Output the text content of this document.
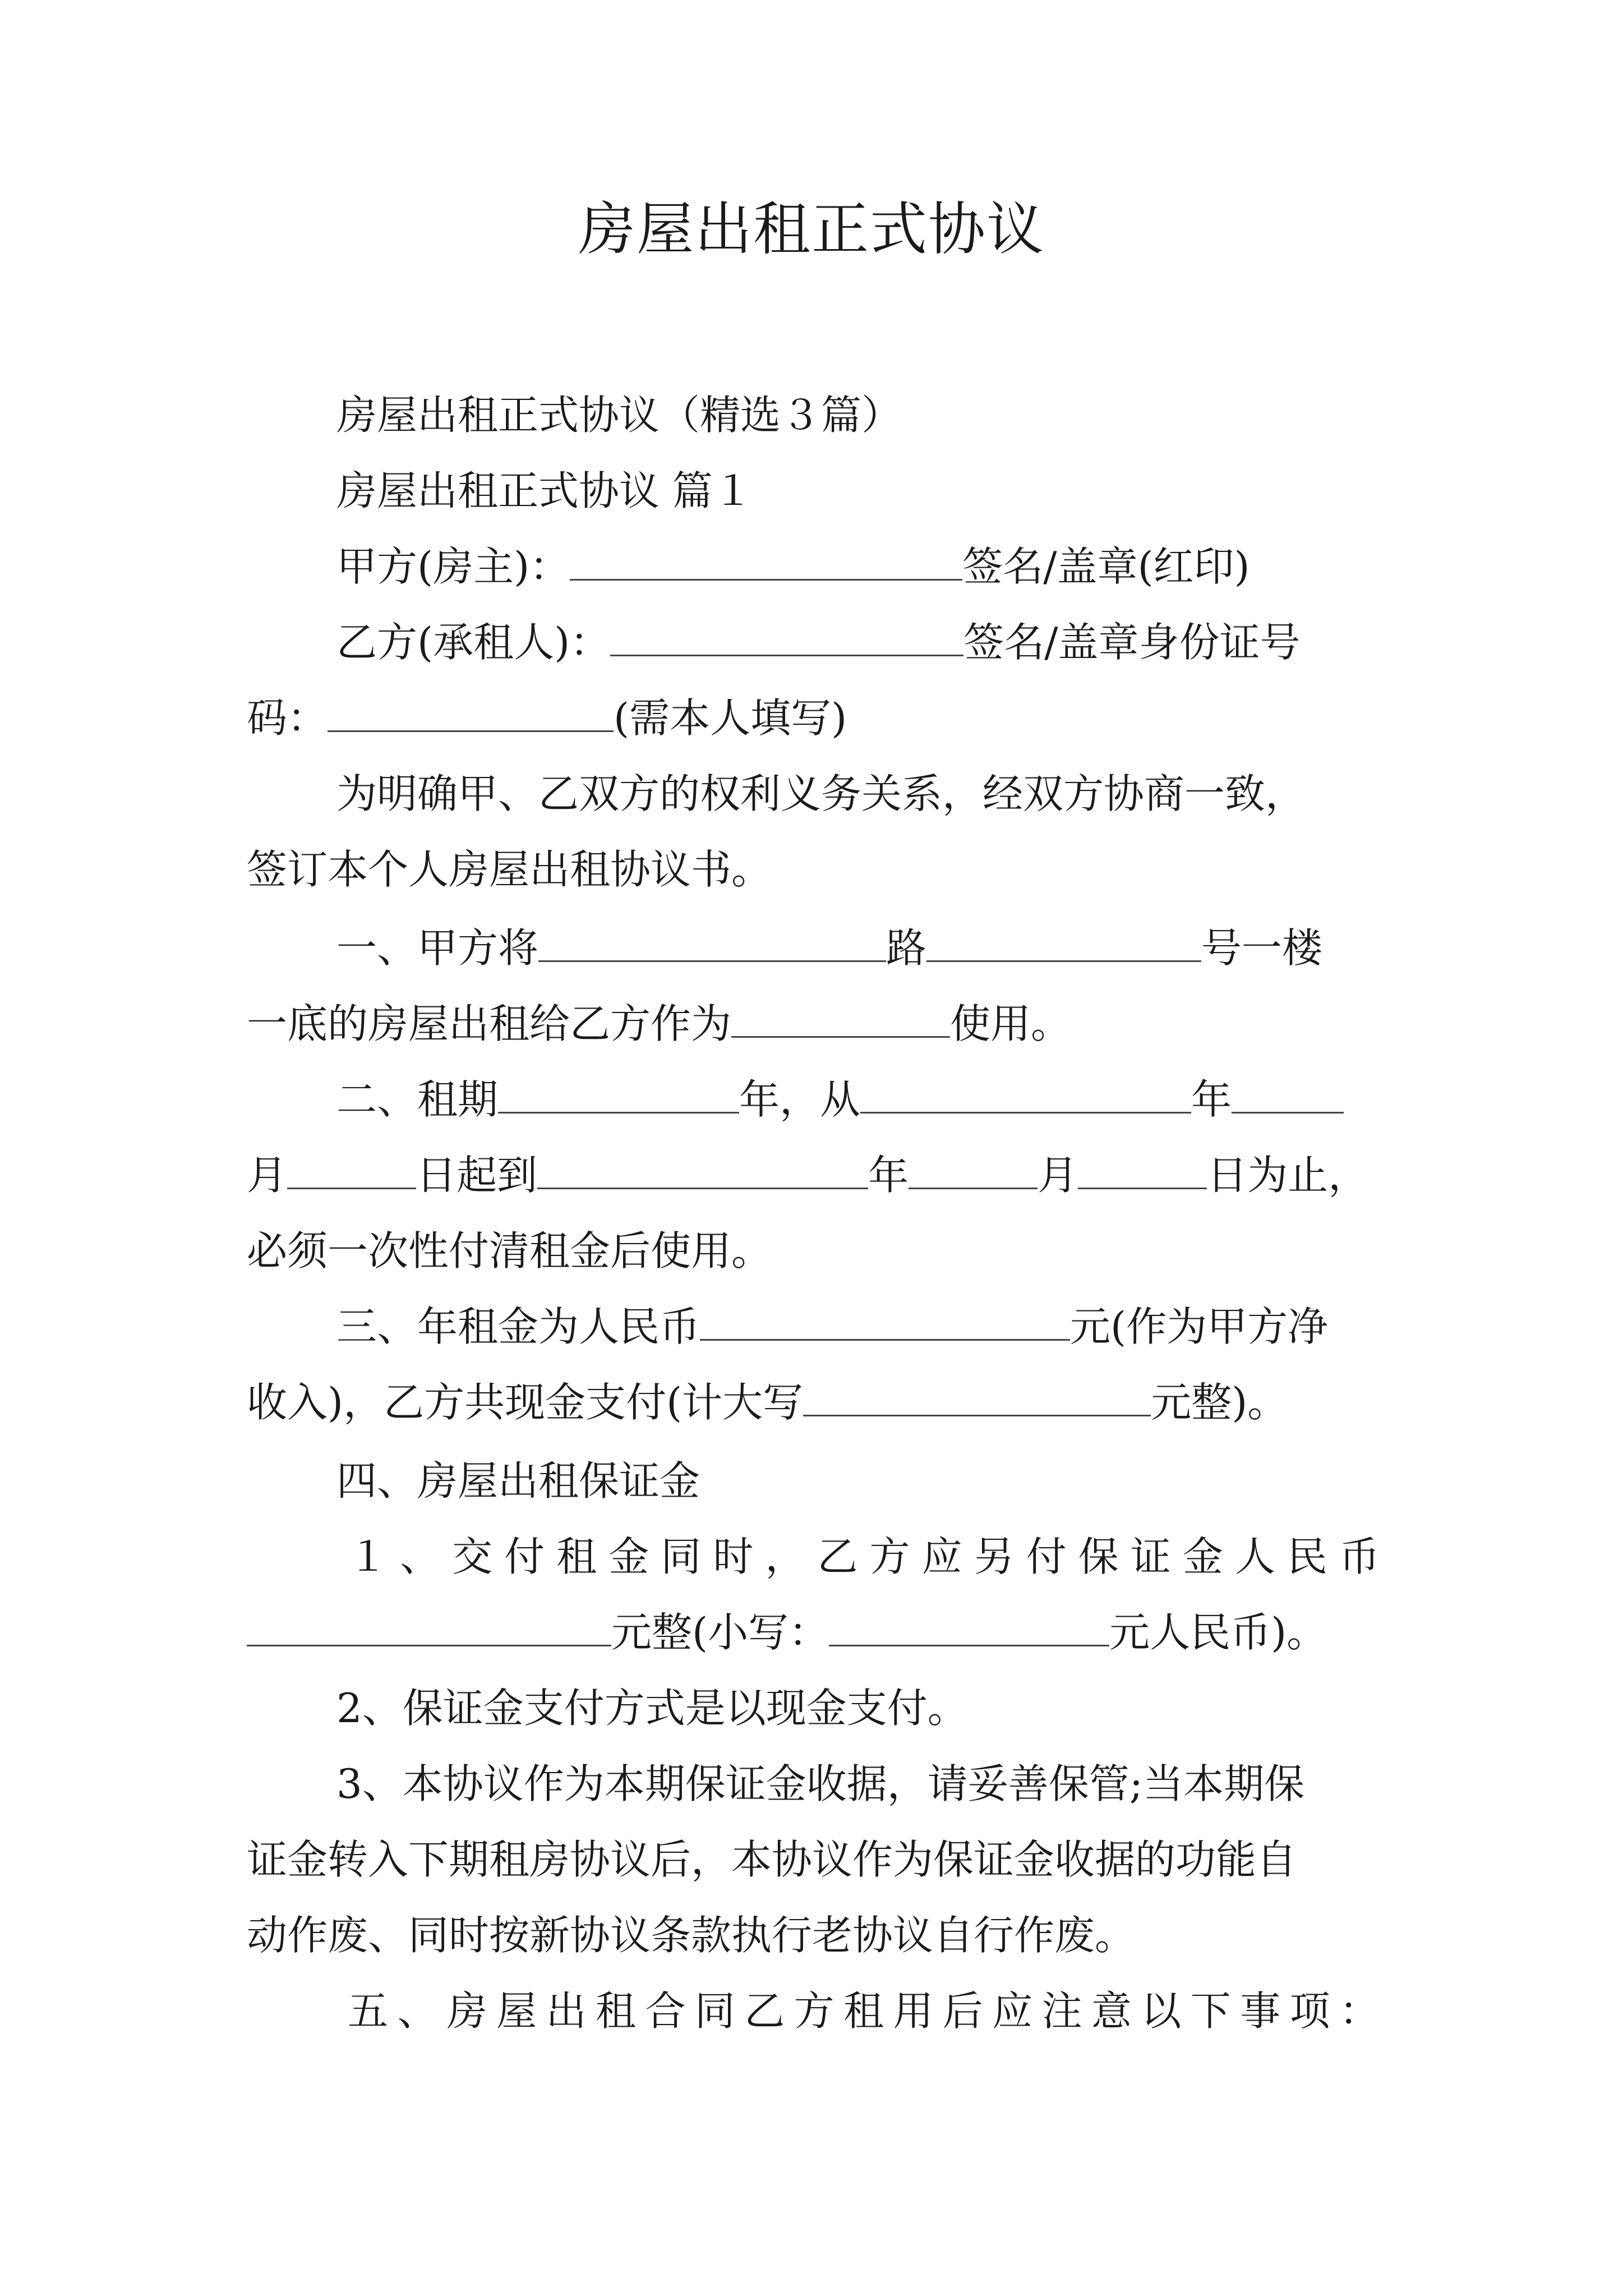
房屋出租正式协议
房屋出租正式协议（精选３篇）
房屋出租正式协议 篇１
甲方(房主)：	签名/盖章(红印)
乙方(承租人)：	签名/盖章身份证号
码：	(需本人填写)
为明确甲、乙双方的权利义务关系，经双方协商一致，
签订本个人房屋出租协议书。
一、甲方将	路	号一楼
一底的房屋出租给乙方作为	使用。
二、租期	年，从	年
月	日起到	年	月	日为止，
必须一次性付清租金后使用。
三、年租金为人民币	元(作为甲方净
收入)，乙方共现金支付(计大写	元整)。
四、房屋出租保证金
１、交付租金同时，乙方应另付保证金人民币
元整(小写：	元人民币)。
2、保证金支付方式是以现金支付。
3、本协议作为本期保证金收据，请妥善保管;当本期保
证金转入下期租房协议后，本协议作为保证金收据的功能自
动作废、同时按新协议条款执行老协议自行作废。
五、房屋出租合同乙方租用后应注意以下事项：
